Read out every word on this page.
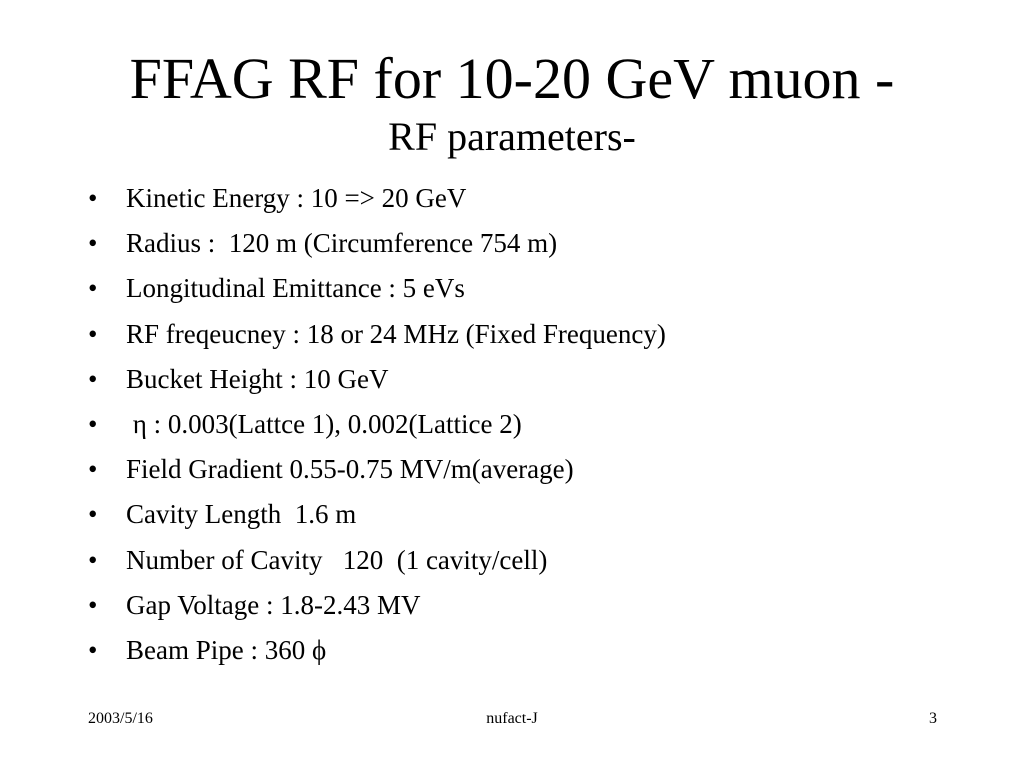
FFAG RF for 10-20 GeV muon -
RF parameters-
• Kinetic Energy : 10 => 20 GeV
• Radius :  120 m (Circumference 754 m)
• Longitudinal Emittance : 5 eVs
• RF freqeucney : 18 or 24 MHz (Fixed Frequency)
• Bucket Height : 10 GeV
• η : 0.003(Lattce 1), 0.002(Lattice 2)
• Field Gradient 0.55-0.75 MV/m(average)
• Cavity Length  1.6 m
• Number of Cavity   120  (1 cavity/cell)
• Gap Voltage : 1.8-2.43 MV
• Beam Pipe : 360 ϕ
2003/5/16	nufact-J	3
